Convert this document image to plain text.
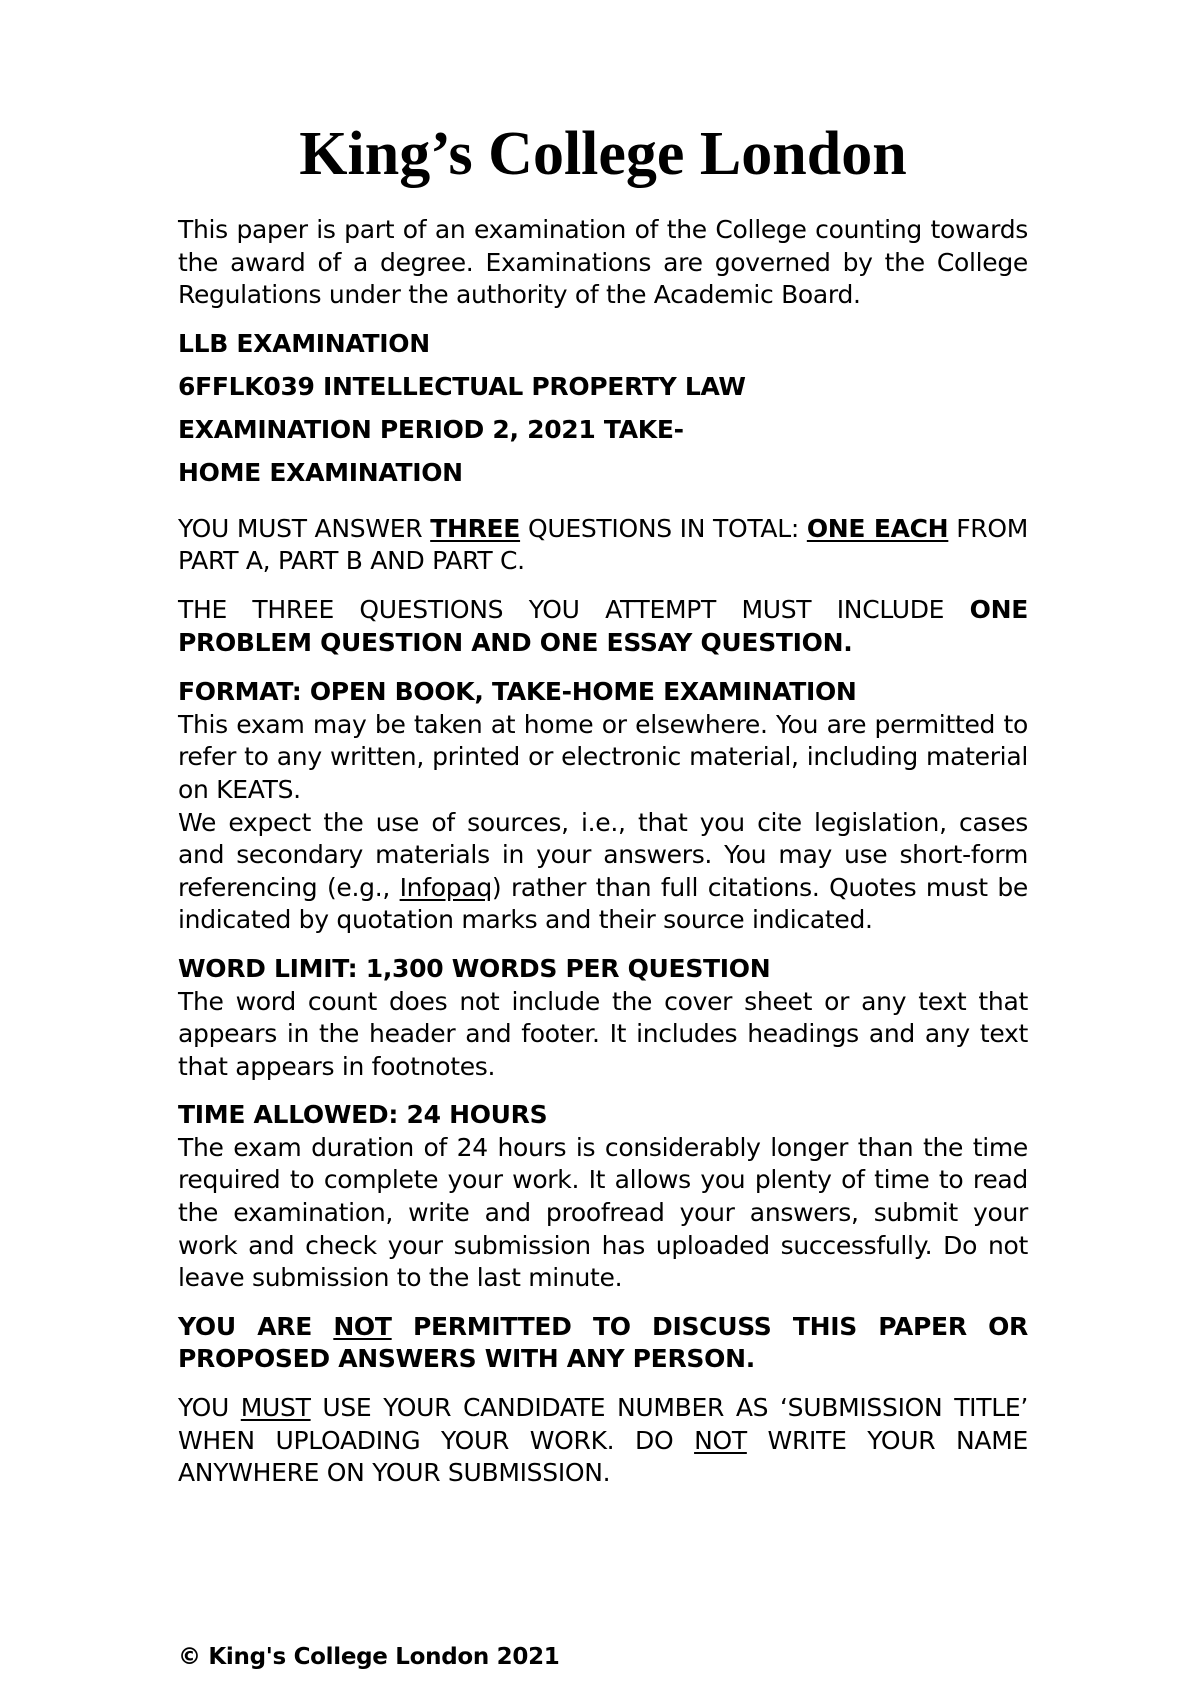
King’s College London

This paper is part of an examination of the College counting towards the award of a degree. Examinations are governed by the College Regulations under the authority of the Academic Board.

LLB EXAMINATION

6FFLK039 INTELLECTUAL PROPERTY LAW

EXAMINATION PERIOD 2, 2021 TAKE-

HOME EXAMINATION

YOU MUST ANSWER THREE QUESTIONS IN TOTAL: ONE EACH FROM PART A, PART B AND PART C.

THE THREE QUESTIONS YOU ATTEMPT MUST INCLUDE ONE PROBLEM QUESTION AND ONE ESSAY QUESTION.

FORMAT: OPEN BOOK, TAKE-HOME EXAMINATION

This exam may be taken at home or elsewhere. You are permitted to refer to any written, printed or electronic material, including material on KEATS.

We expect the use of sources, i.e., that you cite legislation, cases and secondary materials in your answers. You may use short-form referencing (e.g., Infopaq) rather than full citations. Quotes must be indicated by quotation marks and their source indicated.

WORD LIMIT: 1,300 WORDS PER QUESTION

The word count does not include the cover sheet or any text that appears in the header and footer. It includes headings and any text that appears in footnotes.

TIME ALLOWED: 24 HOURS

The exam duration of 24 hours is considerably longer than the time required to complete your work. It allows you plenty of time to read the examination, write and proofread your answers, submit your work and check your submission has uploaded successfully. Do not leave submission to the last minute.

YOU ARE NOT PERMITTED TO DISCUSS THIS PAPER OR PROPOSED ANSWERS WITH ANY PERSON.

YOU MUST USE YOUR CANDIDATE NUMBER AS ‘SUBMISSION TITLE’ WHEN UPLOADING YOUR WORK. DO NOT WRITE YOUR NAME ANYWHERE ON YOUR SUBMISSION.

© King's College London 2021
